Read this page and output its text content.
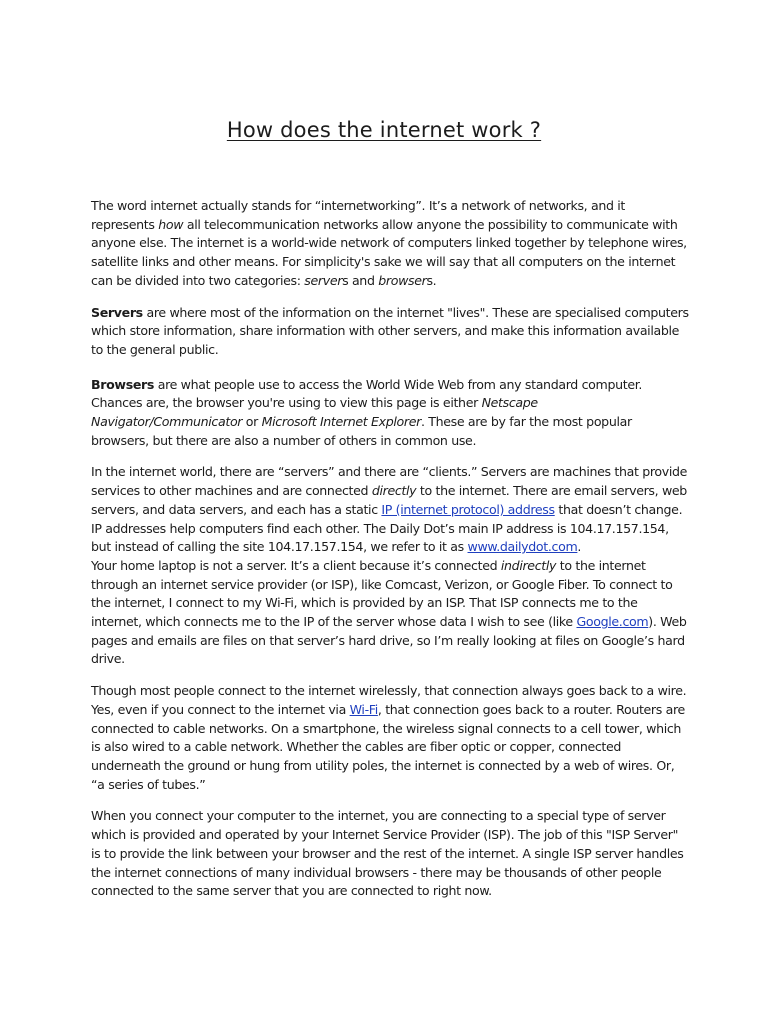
How does the internet work ?

The word internet actually stands for “internetworking”. It’s a network of networks, and it represents how all telecommunication networks allow anyone the possibility to communicate with anyone else. The internet is a world-wide network of computers linked together by telephone wires, satellite links and other means. For simplicity's sake we will say that all computers on the internet can be divided into two categories: servers and browsers.

Servers are where most of the information on the internet "lives". These are specialised computers which store information, share information with other servers, and make this information available to the general public.

Browsers are what people use to access the World Wide Web from any standard computer. Chances are, the browser you're using to view this page is either Netscape Navigator/Communicator or Microsoft Internet Explorer. These are by far the most popular browsers, but there are also a number of others in common use.

In the internet world, there are “servers” and there are “clients.” Servers are machines that provide services to other machines and are connected directly to the internet. There are email servers, web servers, and data servers, and each has a static IP (internet protocol) address that doesn’t change. IP addresses help computers find each other. The Daily Dot’s main IP address is 104.17.157.154, but instead of calling the site 104.17.157.154, we refer to it as www.dailydot.com.

Your home laptop is not a server. It’s a client because it’s connected indirectly to the internet through an internet service provider (or ISP), like Comcast, Verizon, or Google Fiber. To connect to the internet, I connect to my Wi-Fi, which is provided by an ISP. That ISP connects me to the internet, which connects me to the IP of the server whose data I wish to see (like Google.com). Web pages and emails are files on that server’s hard drive, so I’m really looking at files on Google’s hard drive.

Though most people connect to the internet wirelessly, that connection always goes back to a wire. Yes, even if you connect to the internet via Wi-Fi, that connection goes back to a router. Routers are connected to cable networks. On a smartphone, the wireless signal connects to a cell tower, which is also wired to a cable network. Whether the cables are fiber optic or copper, connected underneath the ground or hung from utility poles, the internet is connected by a web of wires. Or, “a series of tubes.”

When you connect your computer to the internet, you are connecting to a special type of server which is provided and operated by your Internet Service Provider (ISP). The job of this "ISP Server" is to provide the link between your browser and the rest of the internet. A single ISP server handles the internet connections of many individual browsers - there may be thousands of other people connected to the same server that you are connected to right now.
